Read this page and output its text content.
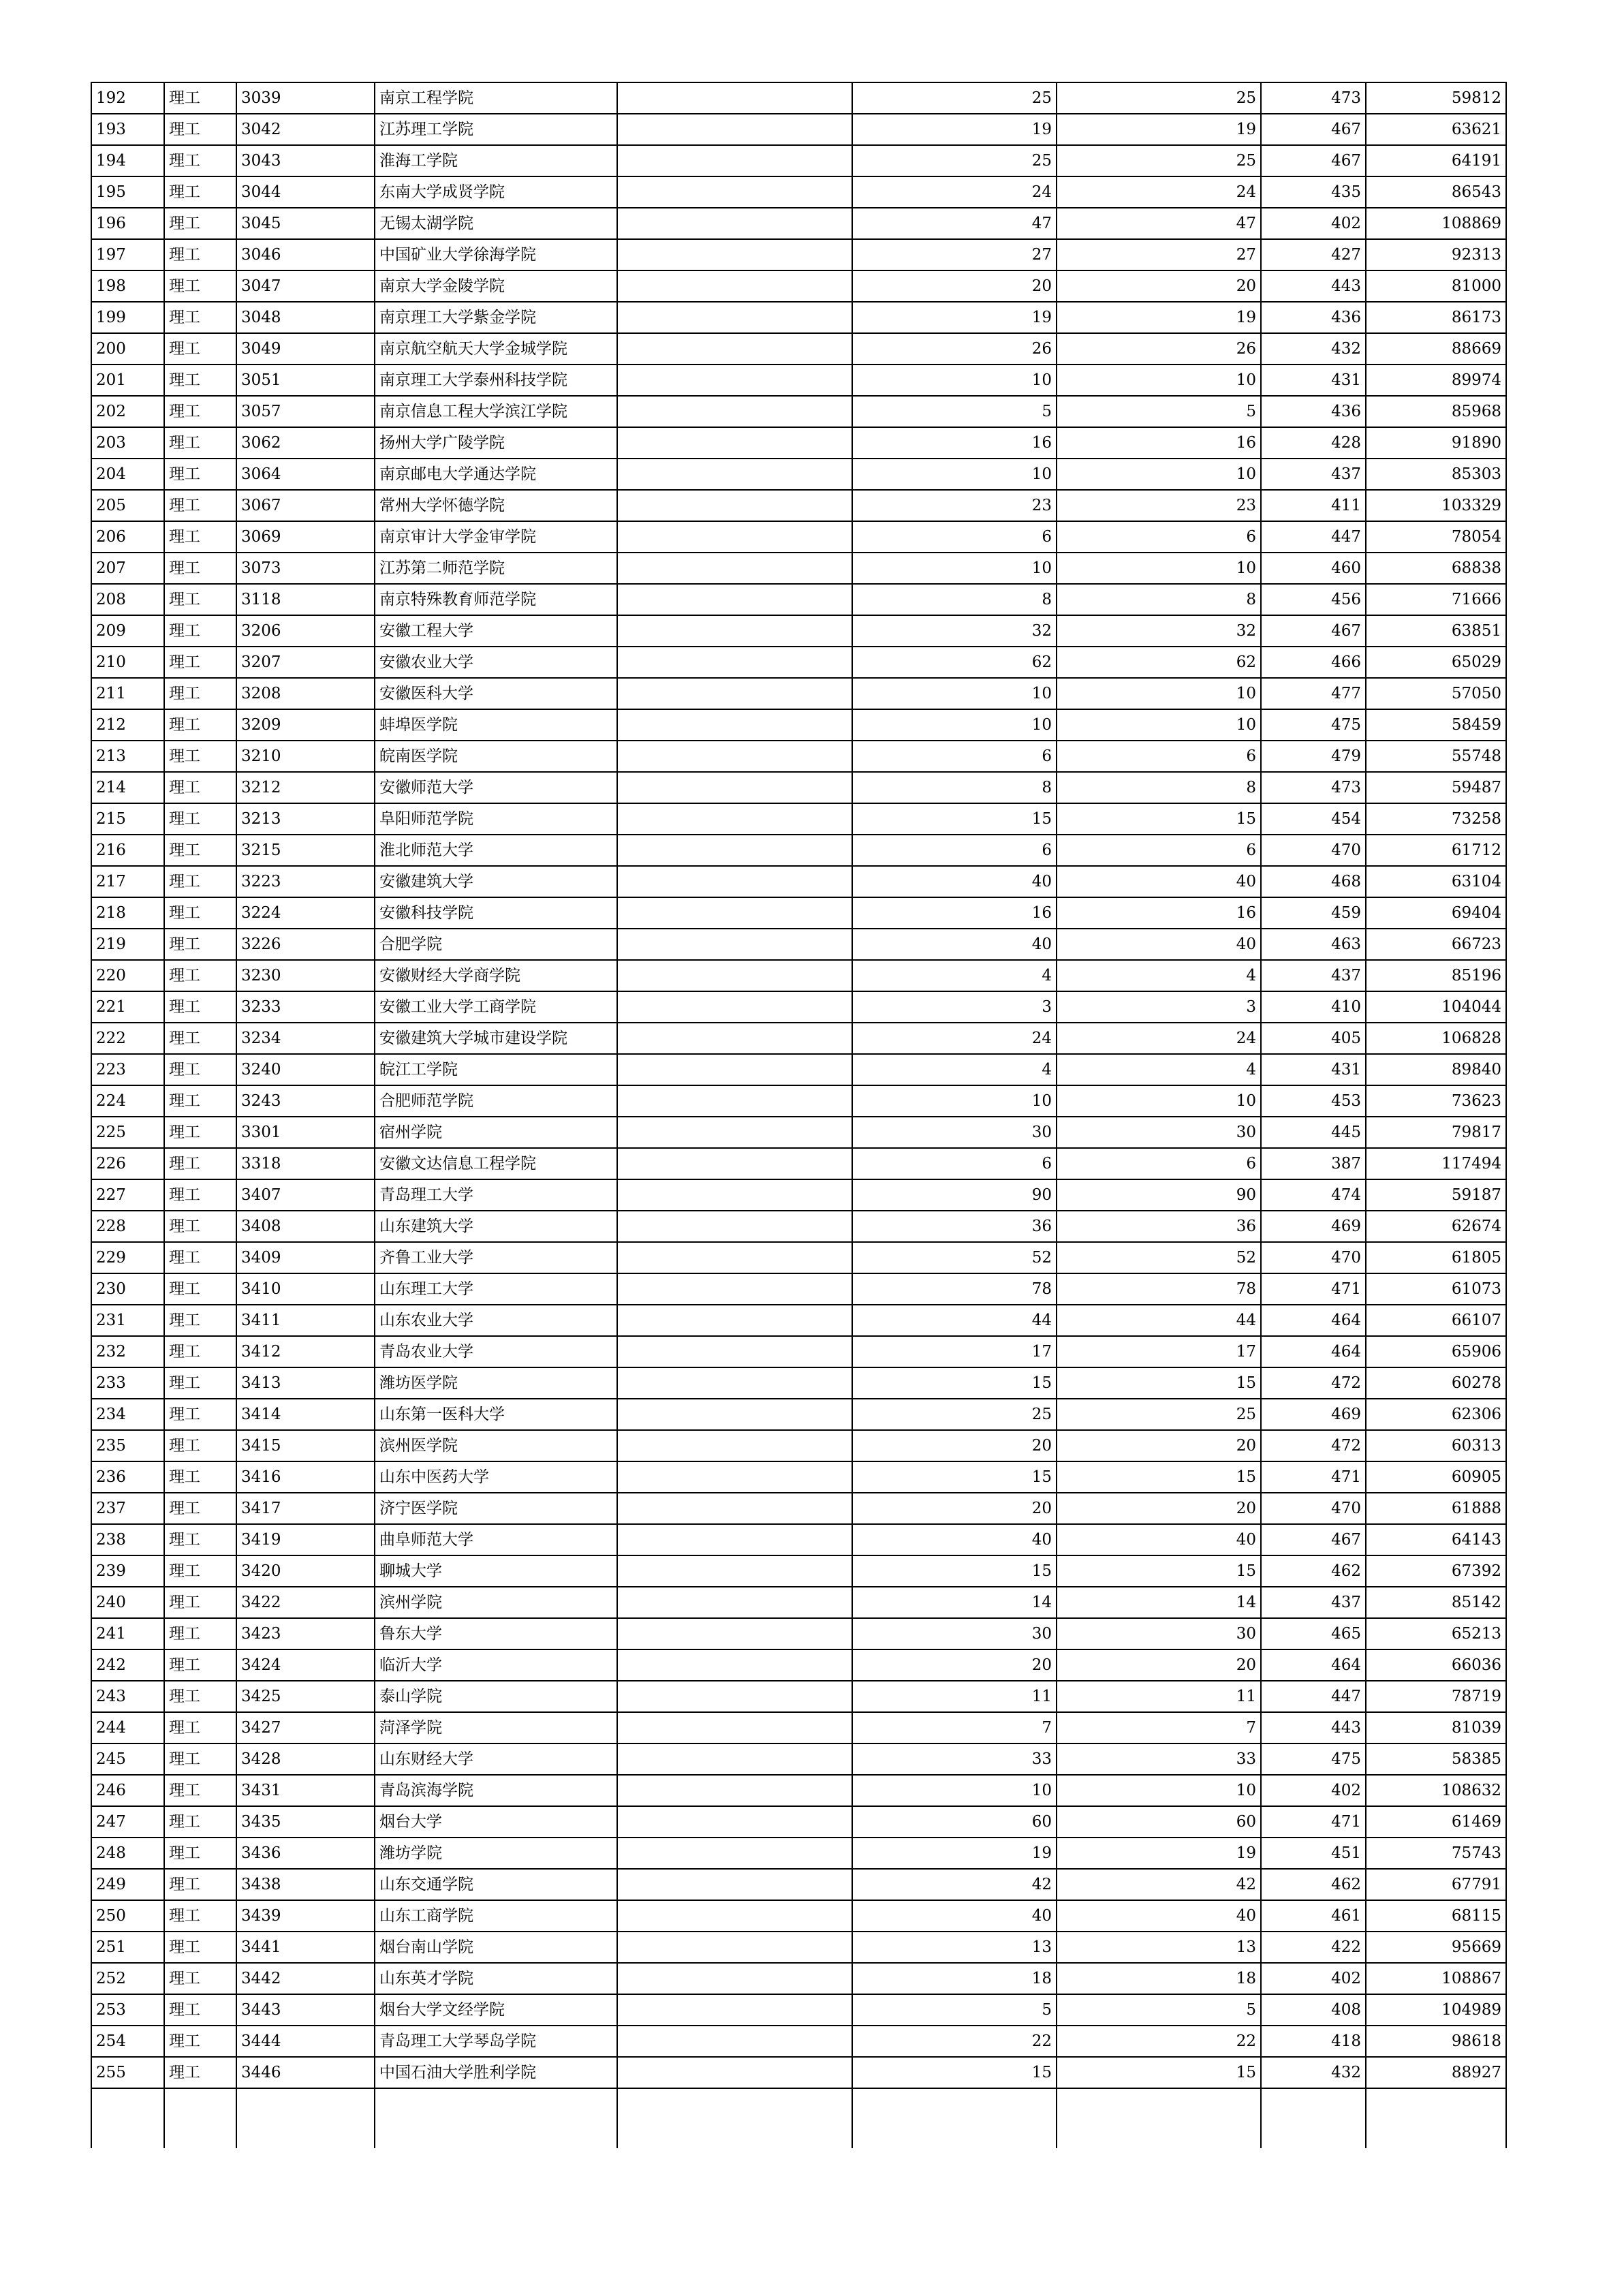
192	理工	3039	南京工程学院		25	25	473	59812
193	理工	3042	江苏理工学院		19	19	467	63621
194	理工	3043	淮海工学院		25	25	467	64191
195	理工	3044	东南大学成贤学院		24	24	435	86543
196	理工	3045	无锡太湖学院		47	47	402	108869
197	理工	3046	中国矿业大学徐海学院		27	27	427	92313
198	理工	3047	南京大学金陵学院		20	20	443	81000
199	理工	3048	南京理工大学紫金学院		19	19	436	86173
200	理工	3049	南京航空航天大学金城学院		26	26	432	88669
201	理工	3051	南京理工大学泰州科技学院		10	10	431	89974
202	理工	3057	南京信息工程大学滨江学院		5	5	436	85968
203	理工	3062	扬州大学广陵学院		16	16	428	91890
204	理工	3064	南京邮电大学通达学院		10	10	437	85303
205	理工	3067	常州大学怀德学院		23	23	411	103329
206	理工	3069	南京审计大学金审学院		6	6	447	78054
207	理工	3073	江苏第二师范学院		10	10	460	68838
208	理工	3118	南京特殊教育师范学院		8	8	456	71666
209	理工	3206	安徽工程大学		32	32	467	63851
210	理工	3207	安徽农业大学		62	62	466	65029
211	理工	3208	安徽医科大学		10	10	477	57050
212	理工	3209	蚌埠医学院		10	10	475	58459
213	理工	3210	皖南医学院		6	6	479	55748
214	理工	3212	安徽师范大学		8	8	473	59487
215	理工	3213	阜阳师范学院		15	15	454	73258
216	理工	3215	淮北师范大学		6	6	470	61712
217	理工	3223	安徽建筑大学		40	40	468	63104
218	理工	3224	安徽科技学院		16	16	459	69404
219	理工	3226	合肥学院		40	40	463	66723
220	理工	3230	安徽财经大学商学院		4	4	437	85196
221	理工	3233	安徽工业大学工商学院		3	3	410	104044
222	理工	3234	安徽建筑大学城市建设学院		24	24	405	106828
223	理工	3240	皖江工学院		4	4	431	89840
224	理工	3243	合肥师范学院		10	10	453	73623
225	理工	3301	宿州学院		30	30	445	79817
226	理工	3318	安徽文达信息工程学院		6	6	387	117494
227	理工	3407	青岛理工大学		90	90	474	59187
228	理工	3408	山东建筑大学		36	36	469	62674
229	理工	3409	齐鲁工业大学		52	52	470	61805
230	理工	3410	山东理工大学		78	78	471	61073
231	理工	3411	山东农业大学		44	44	464	66107
232	理工	3412	青岛农业大学		17	17	464	65906
233	理工	3413	潍坊医学院		15	15	472	60278
234	理工	3414	山东第一医科大学		25	25	469	62306
235	理工	3415	滨州医学院		20	20	472	60313
236	理工	3416	山东中医药大学		15	15	471	60905
237	理工	3417	济宁医学院		20	20	470	61888
238	理工	3419	曲阜师范大学		40	40	467	64143
239	理工	3420	聊城大学		15	15	462	67392
240	理工	3422	滨州学院		14	14	437	85142
241	理工	3423	鲁东大学		30	30	465	65213
242	理工	3424	临沂大学		20	20	464	66036
243	理工	3425	泰山学院		11	11	447	78719
244	理工	3427	菏泽学院		7	7	443	81039
245	理工	3428	山东财经大学		33	33	475	58385
246	理工	3431	青岛滨海学院		10	10	402	108632
247	理工	3435	烟台大学		60	60	471	61469
248	理工	3436	潍坊学院		19	19	451	75743
249	理工	3438	山东交通学院		42	42	462	67791
250	理工	3439	山东工商学院		40	40	461	68115
251	理工	3441	烟台南山学院		13	13	422	95669
252	理工	3442	山东英才学院		18	18	402	108867
253	理工	3443	烟台大学文经学院		5	5	408	104989
254	理工	3444	青岛理工大学琴岛学院		22	22	418	98618
255	理工	3446	中国石油大学胜利学院		15	15	432	88927
